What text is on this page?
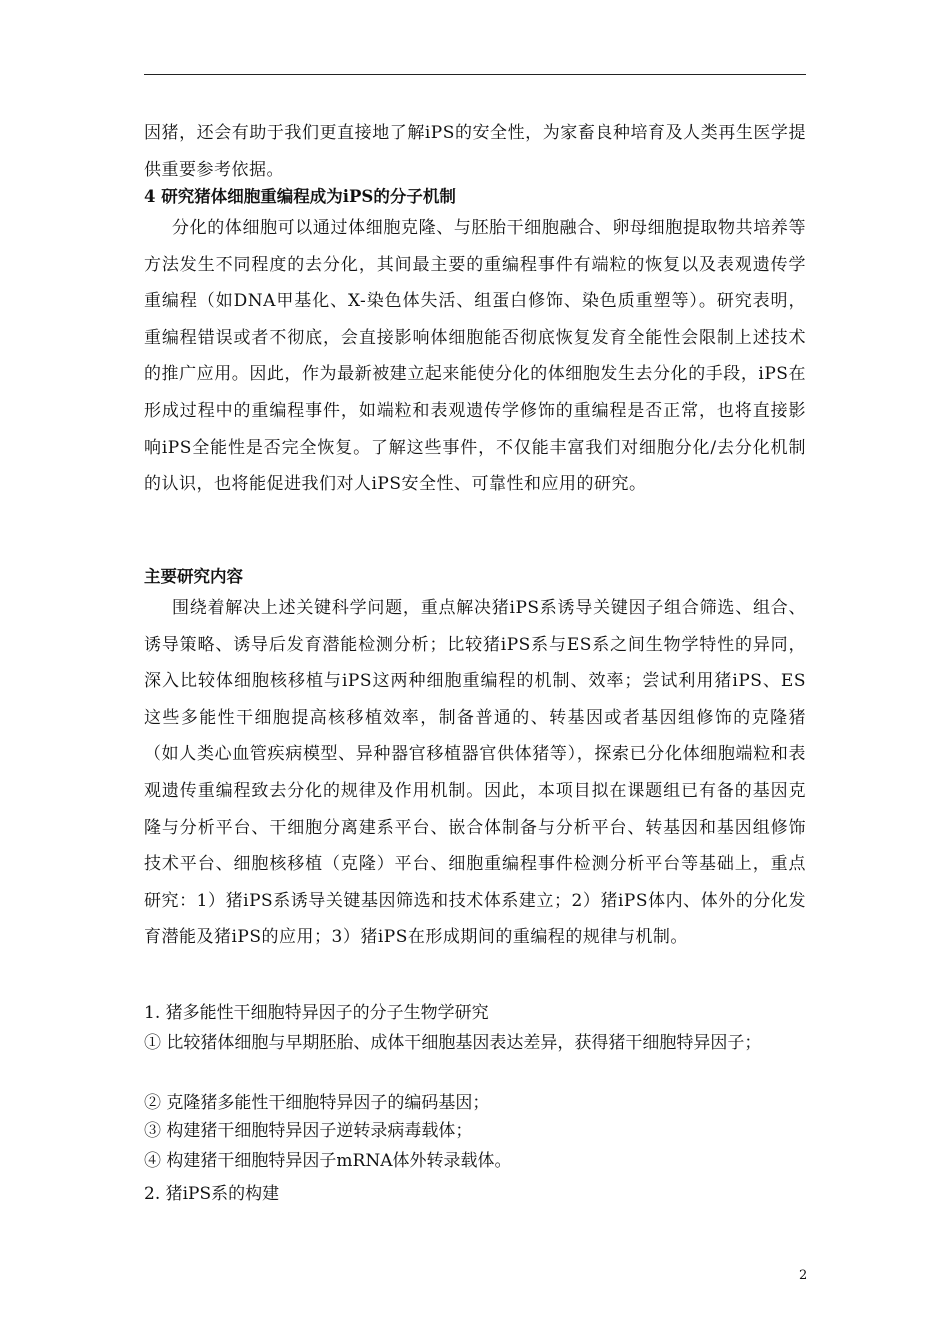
因猪，还会有助于我们更直接地了解iPS的安全性，为家畜良种培育及人类再生医学提供重要参考依据。
4 研究猪体细胞重编程成为iPS的分子机制
分化的体细胞可以通过体细胞克隆、与胚胎干细胞融合、卵母细胞提取物共培养等方法发生不同程度的去分化，其间最主要的重编程事件有端粒的恢复以及表观遗传学重编程（如DNA甲基化、X-染色体失活、组蛋白修饰、染色质重塑等）。研究表明，重编程错误或者不彻底，会直接影响体细胞能否彻底恢复发育全能性会限制上述技术的推广应用。因此，作为最新被建立起来能使分化的体细胞发生去分化的手段，iPS在形成过程中的重编程事件，如端粒和表观遗传学修饰的重编程是否正常，也将直接影响iPS全能性是否完全恢复。了解这些事件，不仅能丰富我们对细胞分化/去分化机制的认识，也将能促进我们对人iPS安全性、可靠性和应用的研究。
主要研究内容
围绕着解决上述关键科学问题，重点解决猪iPS系诱导关键因子组合筛选、组合、诱导策略、诱导后发育潜能检测分析；比较猪iPS系与ES系之间生物学特性的异同，深入比较体细胞核移植与iPS这两种细胞重编程的机制、效率；尝试利用猪iPS、ES这些多能性干细胞提高核移植效率，制备普通的、转基因或者基因组修饰的克隆猪（如人类心血管疾病模型、异种器官移植器官供体猪等），探索已分化体细胞端粒和表观遗传重编程致去分化的规律及作用机制。因此，本项目拟在课题组已有备的基因克隆与分析平台、干细胞分离建系平台、嵌合体制备与分析平台、转基因和基因组修饰技术平台、细胞核移植（克隆）平台、细胞重编程事件检测分析平台等基础上，重点研究：1）猪iPS系诱导关键基因筛选和技术体系建立；2）猪iPS体内、体外的分化发育潜能及猪iPS的应用；3）猪iPS在形成期间的重编程的规律与机制。
1. 猪多能性干细胞特异因子的分子生物学研究
① 比较猪体细胞与早期胚胎、成体干细胞基因表达差异，获得猪干细胞特异因子；
② 克隆猪多能性干细胞特异因子的编码基因；
③ 构建猪干细胞特异因子逆转录病毒载体；
④ 构建猪干细胞特异因子mRNA体外转录载体。
2. 猪iPS系的构建
2
